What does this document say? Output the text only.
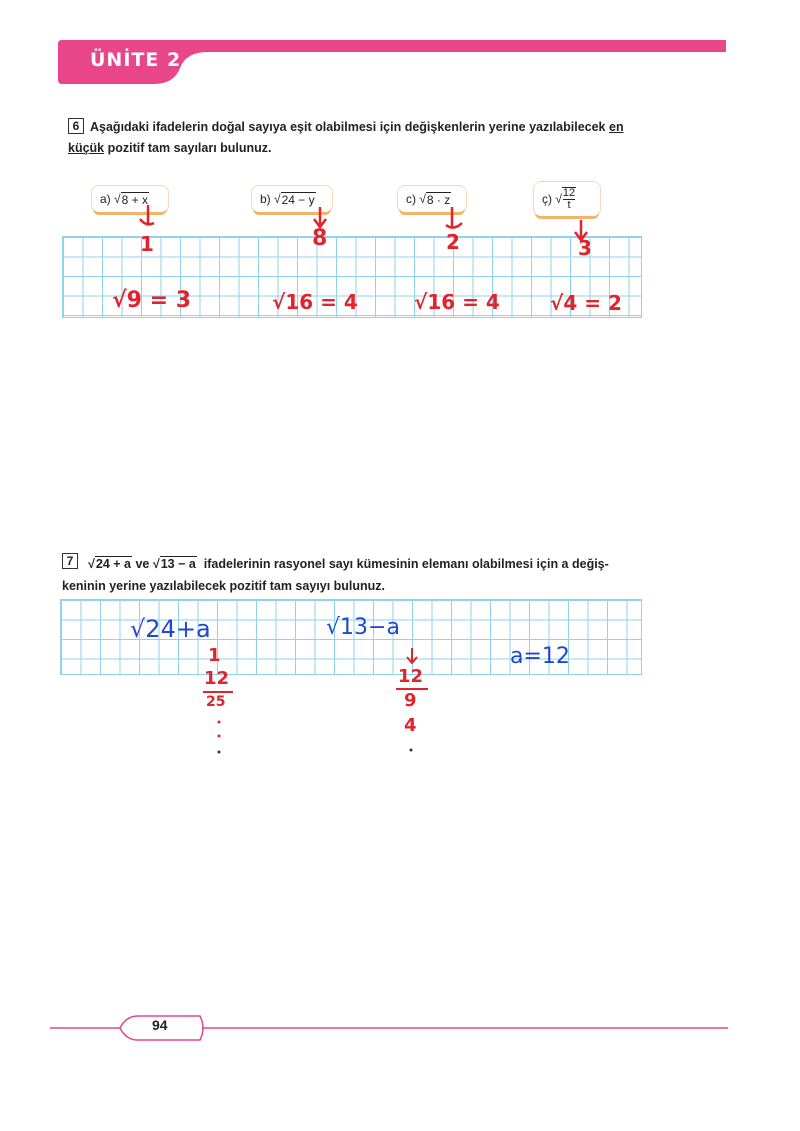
ÜNİTE 2
6 Aşağıdaki ifadelerin doğal sayıya eşit olabilmesi için değişkenlerin yerine yazılabilecek en
küçük pozitif tam sayıları bulunuz.
a) √ 8 + x	b) √ 24 − y	c) √ 8 · z	ç) √ $\frac{12}{t}$
1	8	2	3
√9 = 3	√16 = 4	√16 = 4	√4 = 2
7	√24 + a ve √13 − a ifadelerinin rasyonel sayı kümesinin elemanı olabilmesi için a değiş-
keninin yerine yazılabilecek pozitif tam sayıyı bulunuz.
√24+a	√13−a
a=12
1
12
25
12
9
4
94
